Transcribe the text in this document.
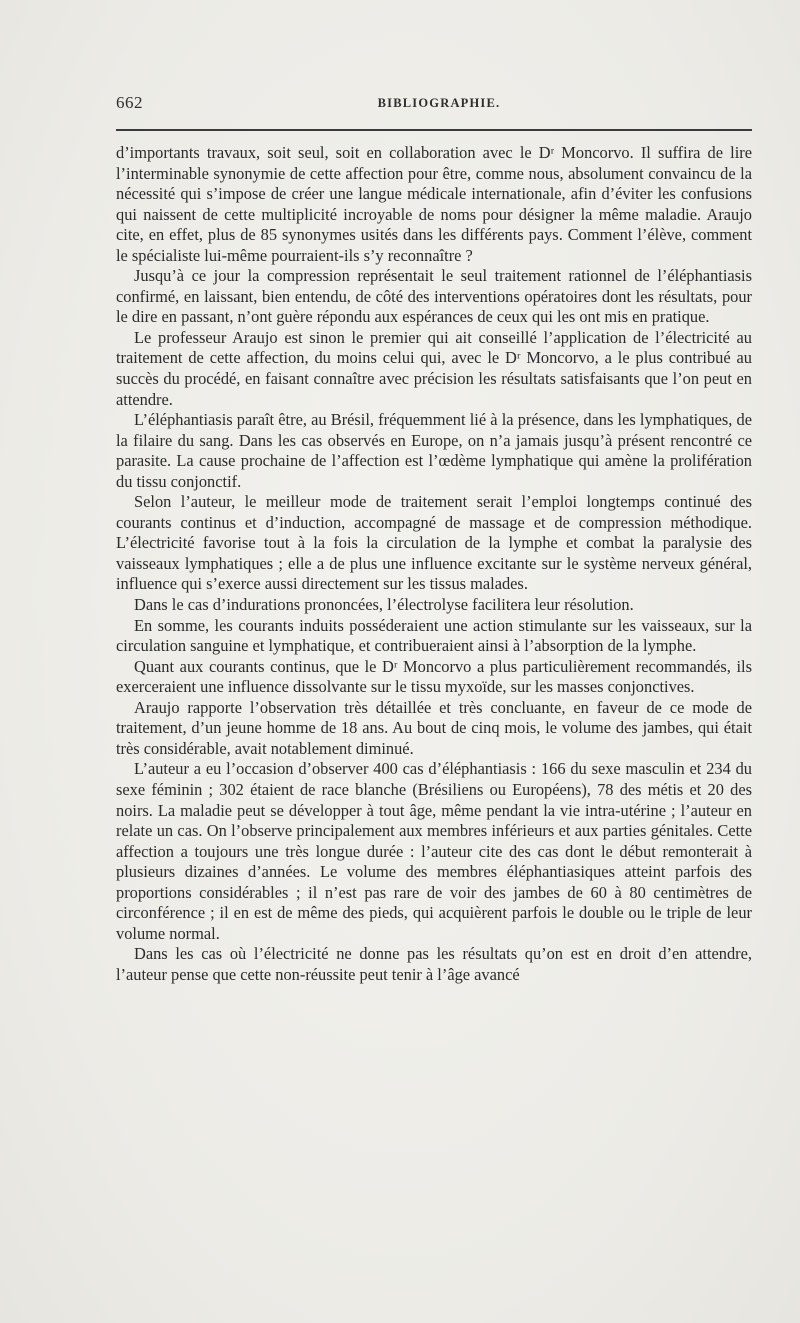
662	BIBLIOGRAPHIE.

d’importants travaux, soit seul, soit en collaboration avec le Dʳ Moncorvo. Il suffira de lire l’interminable synonymie de cette affection pour être, comme nous, absolument convaincu de la nécessité qui s’impose de créer une langue médicale internationale, afin d’éviter les confusions qui naissent de cette multiplicité incroyable de noms pour désigner la même maladie. Araujo cite, en effet, plus de 85 synonymes usités dans les différents pays. Comment l’élève, comment le spécialiste lui-même pourraient-ils s’y reconnaître ?

Jusqu’à ce jour la compression représentait le seul traitement rationnel de l’éléphantiasis confirmé, en laissant, bien entendu, de côté des interventions opératoires dont les résultats, pour le dire en passant, n’ont guère répondu aux espérances de ceux qui les ont mis en pratique.

Le professeur Araujo est sinon le premier qui ait conseillé l’application de l’électricité au traitement de cette affection, du moins celui qui, avec le Dʳ Moncorvo, a le plus contribué au succès du procédé, en faisant connaître avec précision les résultats satisfaisants que l’on peut en attendre.

L’éléphantiasis paraît être, au Brésil, fréquemment lié à la présence, dans les lymphatiques, de la filaire du sang. Dans les cas observés en Europe, on n’a jamais jusqu’à présent rencontré ce parasite. La cause prochaine de l’affection est l’œdème lymphatique qui amène la prolifération du tissu conjonctif.

Selon l’auteur, le meilleur mode de traitement serait l’emploi longtemps continué des courants continus et d’induction, accompagné de massage et de compression méthodique. L’électricité favorise tout à la fois la circulation de la lymphe et combat la paralysie des vaisseaux lymphatiques ; elle a de plus une influence excitante sur le système nerveux général, influence qui s’exerce aussi directement sur les tissus malades.

Dans le cas d’indurations prononcées, l’électrolyse facilitera leur résolution.

En somme, les courants induits posséderaient une action stimulante sur les vaisseaux, sur la circulation sanguine et lymphatique, et contribueraient ainsi à l’absorption de la lymphe.

Quant aux courants continus, que le Dʳ Moncorvo a plus particulièrement recommandés, ils exerceraient une influence dissolvante sur le tissu myxoïde, sur les masses conjonctives.

Araujo rapporte l’observation très détaillée et très concluante, en faveur de ce mode de traitement, d’un jeune homme de 18 ans. Au bout de cinq mois, le volume des jambes, qui était très considérable, avait notablement diminué.

L’auteur a eu l’occasion d’observer 400 cas d’éléphantiasis : 166 du sexe masculin et 234 du sexe féminin ; 302 étaient de race blanche (Brésiliens ou Européens), 78 des métis et 20 des noirs. La maladie peut se développer à tout âge, même pendant la vie intra-utérine ; l’auteur en relate un cas. On l’observe principalement aux membres inférieurs et aux parties génitales. Cette affection a toujours une très longue durée : l’auteur cite des cas dont le début remonterait à plusieurs dizaines d’années. Le volume des membres éléphantiasiques atteint parfois des proportions considérables ; il n’est pas rare de voir des jambes de 60 à 80 centimètres de circonférence ; il en est de même des pieds, qui acquièrent parfois le double ou le triple de leur volume normal.

Dans les cas où l’électricité ne donne pas les résultats qu’on est en droit d’en attendre, l’auteur pense que cette non-réussite peut tenir à l’âge avancé
